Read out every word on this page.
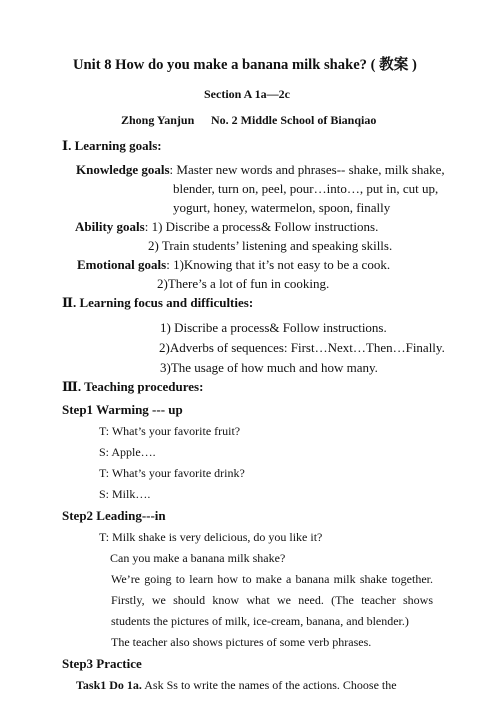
Unit 8 How do you make a banana milk shake? ( 教案 )
Section A 1a—2c
Zhong Yanjun No. 2 Middle School of Bianqiao
Ⅰ. Learning goals:
Knowledge goals: Master new words and phrases-- shake, milk shake,
blender, turn on, peel, pour…into…, put in, cut up,
yogurt, honey, watermelon, spoon, finally
Ability goals: 1) Discribe a process& Follow instructions.
2) Train students’ listening and speaking skills.
Emotional goals: 1)Knowing that it’s not easy to be a cook.
2)There’s a lot of fun in cooking.
Ⅱ. Learning focus and difficulties:
1) Discribe a process& Follow instructions.
2)Adverbs of sequences: First…Next…Then…Finally.
3)The usage of how much and how many.
Ⅲ. Teaching procedures:
Step1 Warming --- up
T: What’s your favorite fruit?
S: Apple….
T: What’s your favorite drink?
S: Milk….
Step2 Leading---in
T: Milk shake is very delicious, do you like it?
Can you make a banana milk shake?
We’re going to learn how to make a banana milk shake together.
Firstly, we should know what we need. (The teacher shows
students the pictures of milk, ice-cream, banana, and blender.)
The teacher also shows pictures of some verb phrases.
Step3 Practice
Task1 Do 1a. Ask Ss to write the names of the actions. Choose the
